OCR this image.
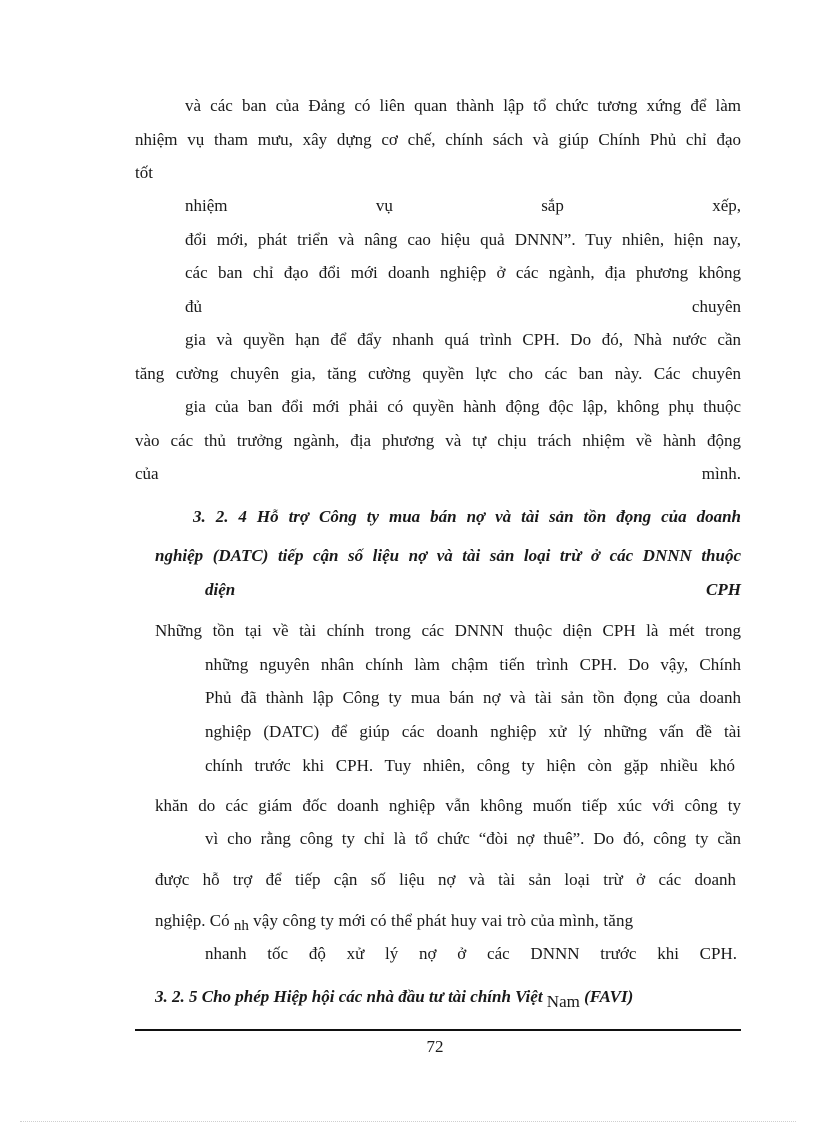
và các ban của Đảng có liên quan thành lập tổ chức tương xứng để làm
nhiệm vụ tham mưu, xây dựng cơ chế, chính sách và giúp Chính Phủ chỉ đạo
tốt
nhiệm vụ sắp xếp,
đổi mới, phát triển và nâng cao hiệu quả DNNN”. Tuy nhiên, hiện nay,
các ban chỉ đạo đổi mới doanh nghiệp ở các ngành, địa phương không
đủ chuyên
gia và quyền hạn để đẩy nhanh quá trình CPH. Do đó, Nhà nước cần
tăng cường chuyên gia, tăng cường quyền lực cho các ban này. Các chuyên
gia của ban đổi mới phải có quyền hành động độc lập, không phụ thuộc
vào các thủ trưởng ngành, địa phương và tự chịu trách nhiệm về hành động
của mình.
3. 2. 4 Hỗ trợ Công ty mua bán nợ và tài sản tồn đọng của doanh
nghiệp (DATC) tiếp cận số liệu nợ và tài sản loại trừ ở các DNNN thuộc
diện CPH
Những tồn tại về tài chính trong các DNNN thuộc diện CPH là mét trong
những nguyên nhân chính làm chậm tiến trình CPH. Do vậy, Chính
Phủ đã thành lập Công ty mua bán nợ và tài sản tồn đọng của doanh
nghiệp (DATC) để giúp các doanh nghiệp xử lý những vấn đề tài
chính trước khi CPH. Tuy nhiên, công ty hiện còn gặp nhiều khó
khăn do các giám đốc doanh nghiệp vẫn không muốn tiếp xúc với công ty
vì cho rằng công ty chỉ là tổ chức “đòi nợ thuê”. Do đó, công ty cần
được hỗ trợ để tiếp cận số liệu nợ và tài sản loại trừ ở các doanh
nghiệp. Có nh vậy công ty mới có thể phát huy vai trò của mình, tăng
nhanh tốc độ xử lý nợ ở các DNNN trước khi CPH.
3. 2. 5 Cho phép Hiệp hội các nhà đầu tư tài chính Việt Nam (FAVI)
72
